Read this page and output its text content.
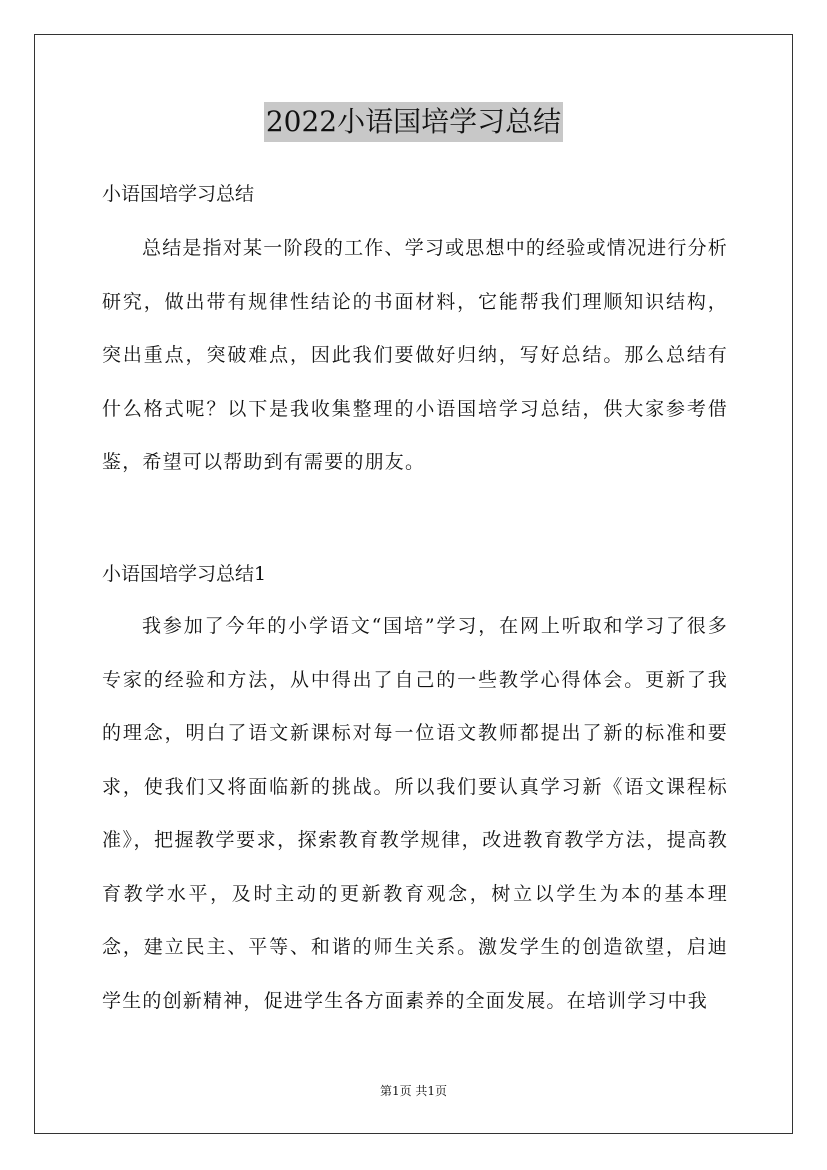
2022小语国培学习总结
小语国培学习总结

总结是指对某一阶段的工作、学习或思想中的经验或情况进行分析研究，做出带有规律性结论的书面材料，它能帮我们理顺知识结构，突出重点，突破难点，因此我们要做好归纳，写好总结。那么总结有什么格式呢？以下是我收集整理的小语国培学习总结，供大家参考借鉴，希望可以帮助到有需要的朋友。

小语国培学习总结1

我参加了今年的小学语文“国培”学习，在网上听取和学习了很多专家的经验和方法，从中得出了自己的一些教学心得体会。更新了我的理念，明白了语文新课标对每一位语文教师都提出了新的标准和要求，使我们又将面临新的挑战。所以我们要认真学习新《语文课程标准》，把握教学要求，探索教育教学规律，改进教育教学方法，提高教育教学水平，及时主动的更新教育观念，树立以学生为本的基本理念，建立民主、平等、和谐的师生关系。激发学生的创造欲望，启迪学生的创新精神，促进学生各方面素养的全面发展。在培训学习中我

第1页 共1页
